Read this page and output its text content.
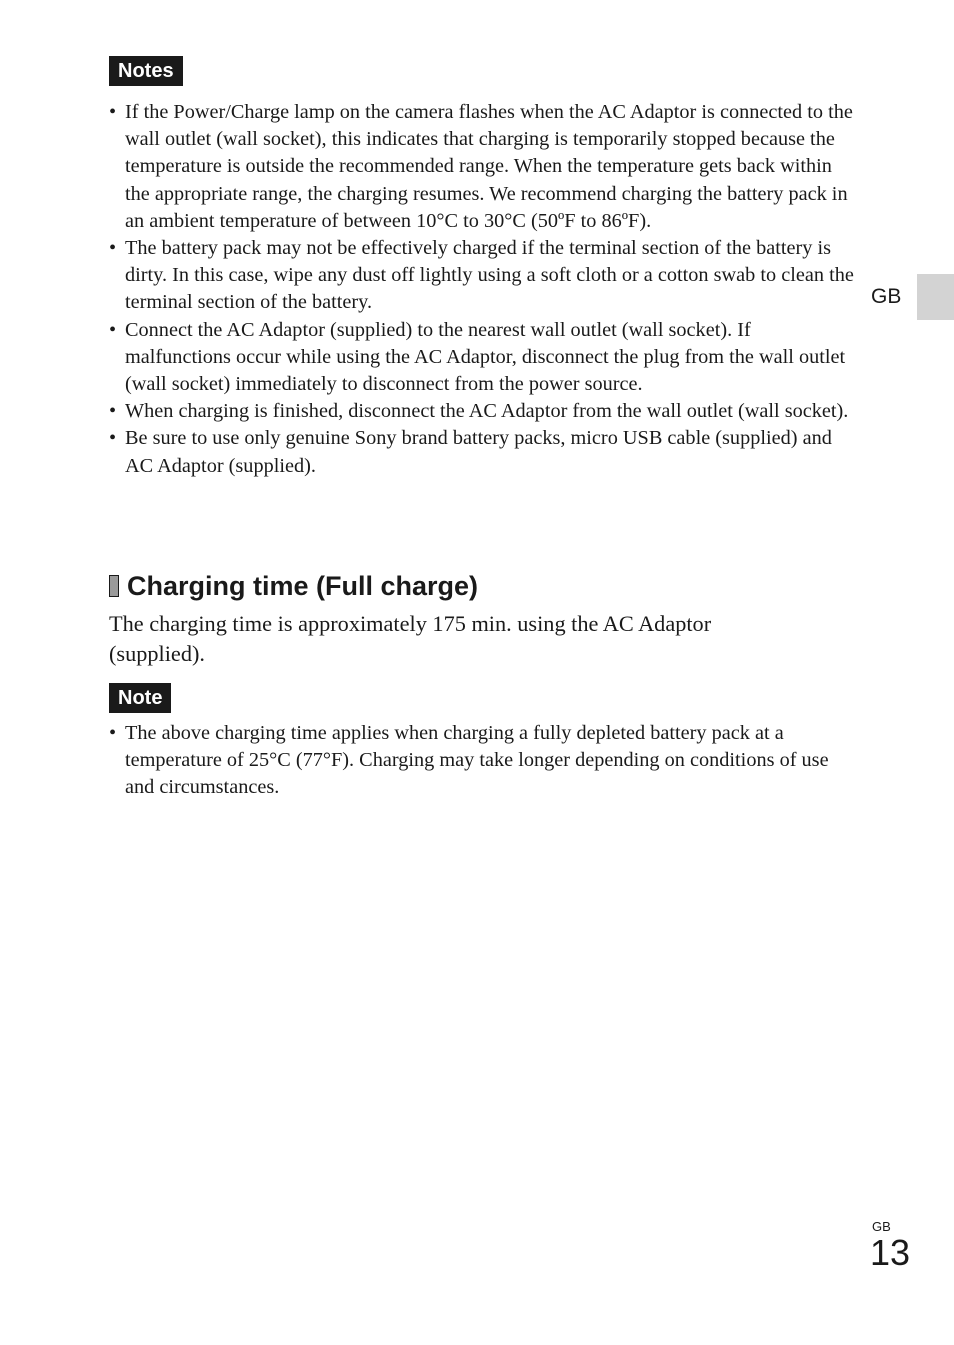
Notes
• If the Power/Charge lamp on the camera flashes when the AC Adaptor is connected to the wall outlet (wall socket), this indicates that charging is temporarily stopped because the temperature is outside the recommended range. When the temperature gets back within the appropriate range, the charging resumes. We recommend charging the battery pack in an ambient temperature of between 10°C to 30°C (50ºF to 86ºF).
• The battery pack may not be effectively charged if the terminal section of the battery is dirty. In this case, wipe any dust off lightly using a soft cloth or a cotton swab to clean the terminal section of the battery.
• Connect the AC Adaptor (supplied) to the nearest wall outlet (wall socket). If malfunctions occur while using the AC Adaptor, disconnect the plug from the wall outlet (wall socket) immediately to disconnect from the power source.
• When charging is finished, disconnect the AC Adaptor from the wall outlet (wall socket).
• Be sure to use only genuine Sony brand battery packs, micro USB cable (supplied) and AC Adaptor (supplied).
Charging time (Full charge)

The charging time is approximately 175 min. using the AC Adaptor (supplied).

Note
• The above charging time applies when charging a fully depleted battery pack at a temperature of 25°C (77°F). Charging may take longer depending on conditions of use and circumstances.
GB
GB
13
